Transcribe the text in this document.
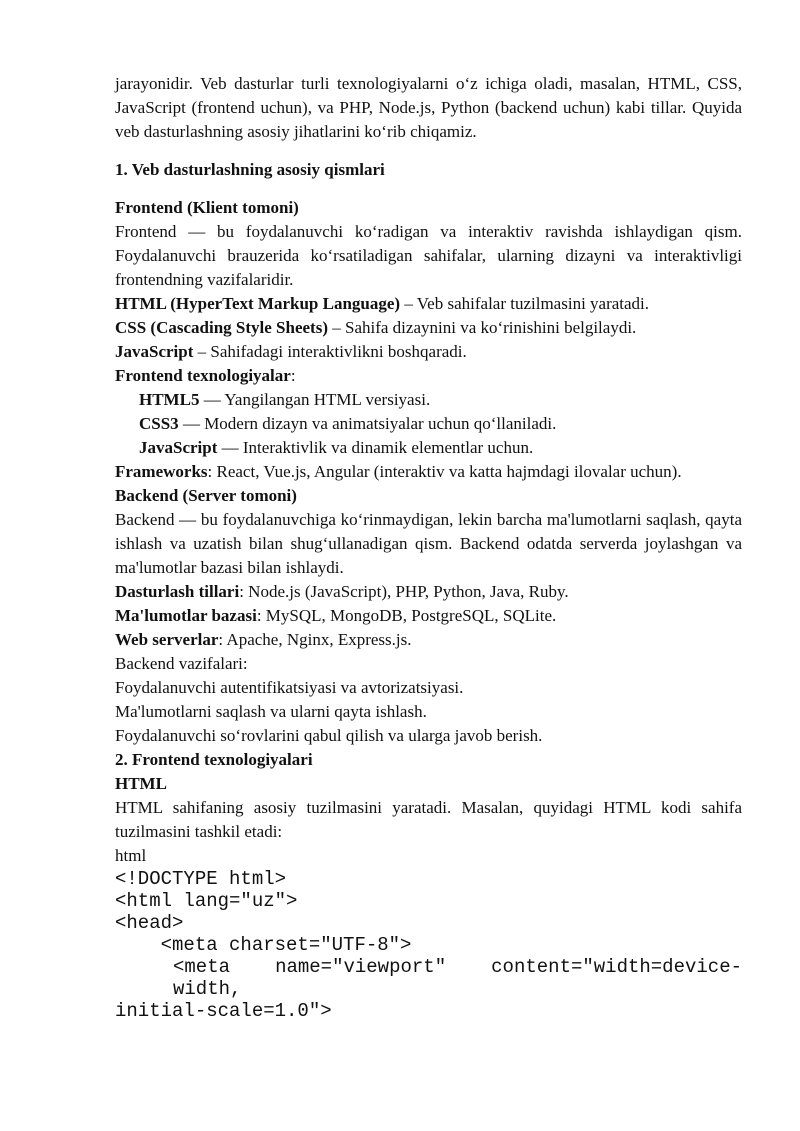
jarayonidir. Veb dasturlar turli texnologiyalarni o‘z ichiga oladi, masalan, HTML, CSS, JavaScript (frontend uchun), va PHP, Node.js, Python (backend uchun) kabi tillar. Quyida veb dasturlashning asosiy jihatlarini ko‘rib chiqamiz.

1. Veb dasturlashning asosiy qismlari

Frontend (Klient tomoni)

Frontend — bu foydalanuvchi ko‘radigan va interaktiv ravishda ishlaydigan qism. Foydalanuvchi brauzerida ko‘rsatiladigan sahifalar, ularning dizayni va interaktivligi frontendning vazifalaridir.

HTML (HyperText Markup Language) – Veb sahifalar tuzilmasini yaratadi.

CSS (Cascading Style Sheets) – Sahifa dizaynini va ko‘rinishini belgilaydi.

JavaScript – Sahifadagi interaktivlikni boshqaradi.

Frontend texnologiyalar:

HTML5 — Yangilangan HTML versiyasi.

CSS3 — Modern dizayn va animatsiyalar uchun qo‘llaniladi.

JavaScript — Interaktivlik va dinamik elementlar uchun.

Frameworks: React, Vue.js, Angular (interaktiv va katta hajmdagi ilovalar uchun).

Backend (Server tomoni)

Backend — bu foydalanuvchiga ko‘rinmaydigan, lekin barcha ma'lumotlarni saqlash, qayta ishlash va uzatish bilan shug‘ullanadigan qism. Backend odatda serverda joylashgan va ma'lumotlar bazasi bilan ishlaydi.

Dasturlash tillari: Node.js (JavaScript), PHP, Python, Java, Ruby.

Ma'lumotlar bazasi: MySQL, MongoDB, PostgreSQL, SQLite.

Web serverlar: Apache, Nginx, Express.js.

Backend vazifalari:

Foydalanuvchi autentifikatsiyasi va avtorizatsiyasi.

Ma'lumotlarni saqlash va ularni qayta ishlash.

Foydalanuvchi so‘rovlarini qabul qilish va ularga javob berish.

2. Frontend texnologiyalari

HTML

HTML sahifaning asosiy tuzilmasini yaratadi. Masalan, quyidagi HTML kodi sahifa tuzilmasini tashkil etadi:

html

<!DOCTYPE html>

<html lang="uz">

<head>

<meta charset="UTF-8">

<meta name="viewport" content="width=device-width,
initial-scale=1.0">
